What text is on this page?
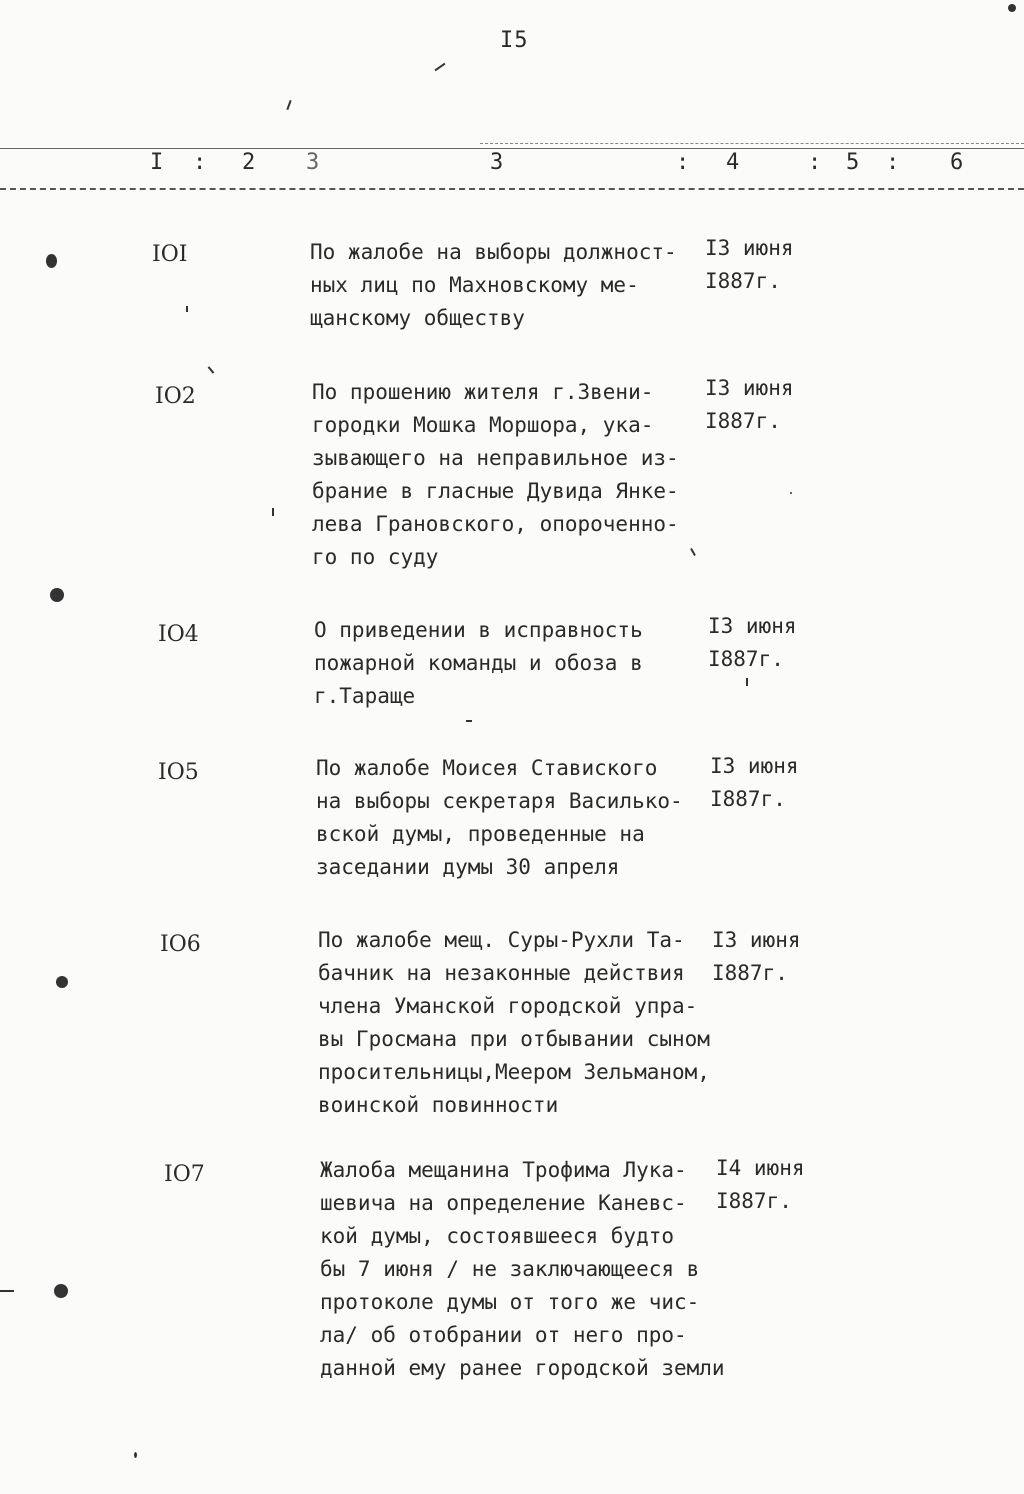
I5
I : 2 3	3	: 4	: 5 : 6
IOI	По жалобе на выборы должност-
ных лиц по Махновскому ме-
щанскому обществу
I3 июня
I887г.
IO2	По прошению жителя г.Звени-
городки Мошка Моршора, ука-
зывающего на неправильное из-
брание в гласные Дувида Янке-
лева Грановского, опороченно-
го по суду
I3 июня
I887г.
IO4	О приведении в исправность
пожарной команды и обоза в
г.Тараще
I3 июня
I887г.
IO5	По жалобе Моисея Ставиского
на выборы секретаря Василько-
вской думы, проведенные на
заседании думы 30 апреля
I3 июня
I887г.
IO6	По жалобе мещ. Суры-Рухли Та-
бачник на незаконные действия
члена Уманской городской упра-
вы Гросмана при отбывании сыном
просительницы,Меером Зельманом,
воинской повинности
I3 июня
I887г.
IO7	Жалоба мещанина Трофима Лука-
шевича на определение Каневс-
кой думы, состоявшееся будто
бы 7 июня / не заключающееся в
протоколе думы от того же чис-
ла/ об отобрании от него про-
данной ему ранее городской земли
I4 июня
I887г.
